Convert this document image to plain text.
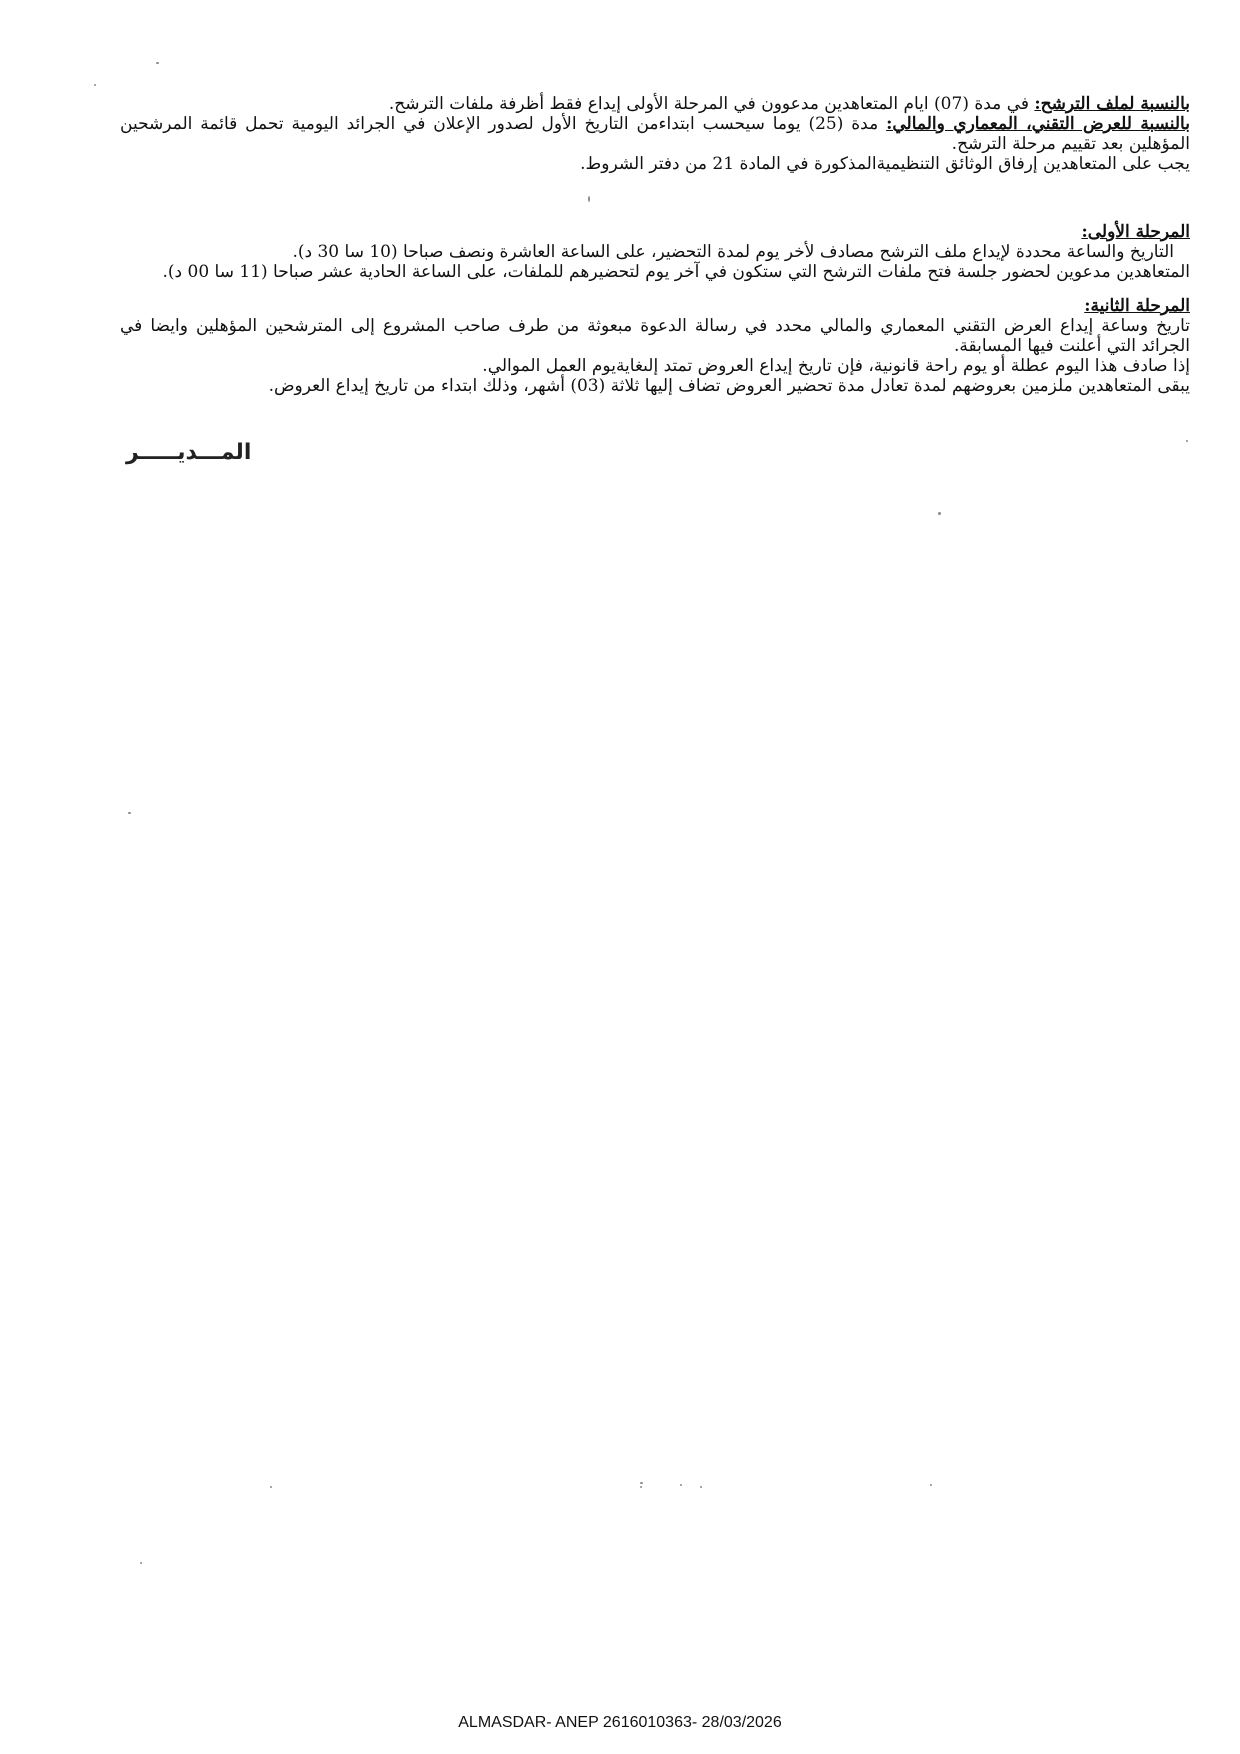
بالنسبة لملف الترشح: في مدة (07) ايام المتعاهدين مدعوون في المرحلة الأولى إيداع فقط أظرفة ملفات الترشح.

بالنسبة للعرض التقني، المعماري والمالي: مدة (25) يوما سيحسب ابتداءمن التاريخ الأول لصدور الإعلان في الجرائد اليومية تحمل قائمة المرشحين المؤهلين بعد تقييم مرحلة الترشح.

يجب على المتعاهدين إرفاق الوثائق التنظيميةالمذكورة في المادة 21 من دفتر الشروط.

المرحلة الأولى:

التاريخ والساعة محددة لإيداع ملف الترشح مصادف لأخر يوم لمدة التحضير، على الساعة العاشرة ونصف صباحا (10 سا 30 د).

المتعاهدين مدعوين لحضور جلسة فتح ملفات الترشح التي ستكون في آخر يوم لتحضيرهم للملفات، على الساعة الحادية عشر صباحا (11 سا 00 د).

المرحلة الثانية:

تاريخ وساعة إيداع العرض التقني المعماري والمالي محدد في رسالة الدعوة مبعوثة من طرف صاحب المشروع إلى المترشحين المؤهلين وايضا في الجرائد التي أعلنت فيها المسابقة.

إذا صادف هذا اليوم عطلة أو يوم راحة قانونية، فإن تاريخ إيداع العروض تمتد إلىغايةيوم العمل الموالي.

يبقى المتعاهدين ملزمين بعروضهم لمدة تعادل مدة تحضير العروض تضاف إليها ثلاثة (03) أشهر، وذلك ابتداء من تاريخ إيداع العروض.

المـــديـــــر
ALMASDAR- ANEP 2616010363- 28/03/2026
